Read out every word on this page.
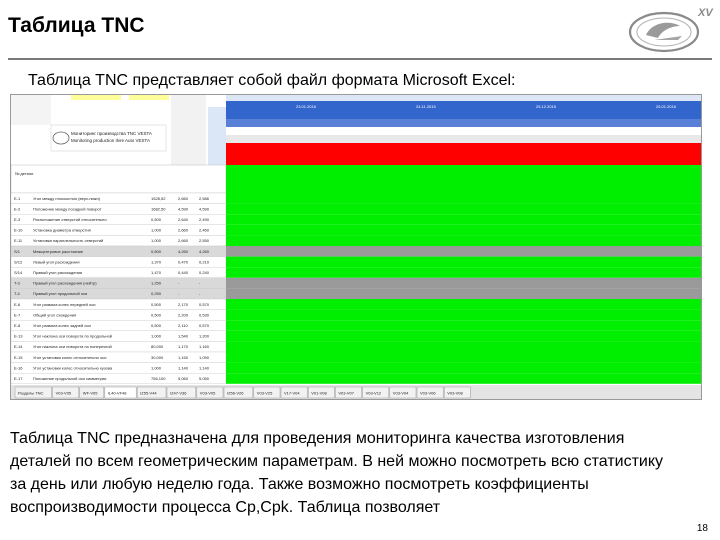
Таблица TNC
XV
Таблица TNC представляет собой файл формата Microsoft Excel:
Мониторинг производства TNC VESTA
Monitoring production Ilvre Auto VESTA
№ детали
E-1	Угол между плоскостью (верх-нижн)	1528,52	2,660	2,586
E-2	Положение между посадкой поворот	1682,50	4,590	4,590
E-3	Расположение отверстий относительно	0,500	2,640	2,490
E-10	Установка диаметра отверстия	1,000	2,660	2,460
E-11	Установка параллельность отверстий	1,000	2,660	2,550
S/1	Межцентровое расстояние	0,500	4,260	4,260
S/12	Левый угол расхождения	1,370	0,470	0,210
S/14	Правый угол расхождения	1,470	0,440	0,240
T-3	Правый угол расхождения (нейтр)	1,250	-	-
T-4	Правый угол продольной оси	0,250	-	-
E-6	Угол развала колес передней оси	0,500	2,170	0,570
E-7	Общий угол схождения	0,500	2,200	0,530
E-8	Угол развала колес задней оси	0,500	2,110	0,570
E-13	Угол наклона оси поворота по продольной	1,000	1,540	1,200
E-14	Угол наклона оси поворота по поперечной	80,000	1,170	1,160
E-15	Угол установки колес относительно оси	30,000	1,150	1,090
E-16	Угол установки колес относительно кузова	1,000	1,140	1,140
E-17	Положение продольной оси симметрии	756,100	5,060	5,050
23.01.2016	24.11.2015	25.12.2015	26.01.2016
Разделы TNC	V03-V05	WF-V05	IL40-VF48	IZ55-V44	IZ47-V36	V03-V05	IZ56-V26	V03-V25	V17-V04	V01-V08	V03-V07	V03-V12	V03-V04	V03-V06	V03-V08
Таблица TNC предназначена для проведения мониторинга качества изготовления деталей по всем геометрическим параметрам. В ней можно посмотреть всю статистику за день или любую неделю года. Также возможно посмотреть коэффициенты воспроизводимости процесса Cp,Cpk. Таблица позволяет
18
